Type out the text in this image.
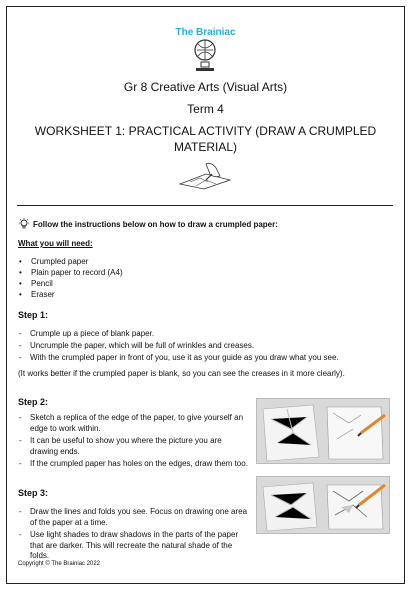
The Brainiac
Gr 8 Creative Arts (Visual Arts)
Term 4
WORKSHEET 1: PRACTICAL ACTIVITY (DRAW A CRUMPLED MATERIAL)
Follow the instructions below on how to draw a crumpled paper:
What you will need:
• Crumpled paper
• Plain paper to record (A4)
• Pencil
• Eraser
Step 1:
- Crumple up a piece of blank paper.
- Uncrumple the paper, which will be full of wrinkles and creases.
- With the crumpled paper in front of you, use it as your guide as you draw what you see.
(It works better if the crumpled paper is blank, so you can see the creases in it more clearly).
Step 2:
- Sketch a replica of the edge of the paper, to give yourself an edge to work within.
- It can be useful to show you where the picture you are drawing ends.
- If the crumpled paper has holes on the edges, draw them too.
Step 3:
- Draw the lines and folds you see. Focus on drawing one area of the paper at a time.
- Use light shades to draw shadows in the parts of the paper that are darker. This will recreate the natural shade of the folds.
Copyright © The Brainiac 2022
